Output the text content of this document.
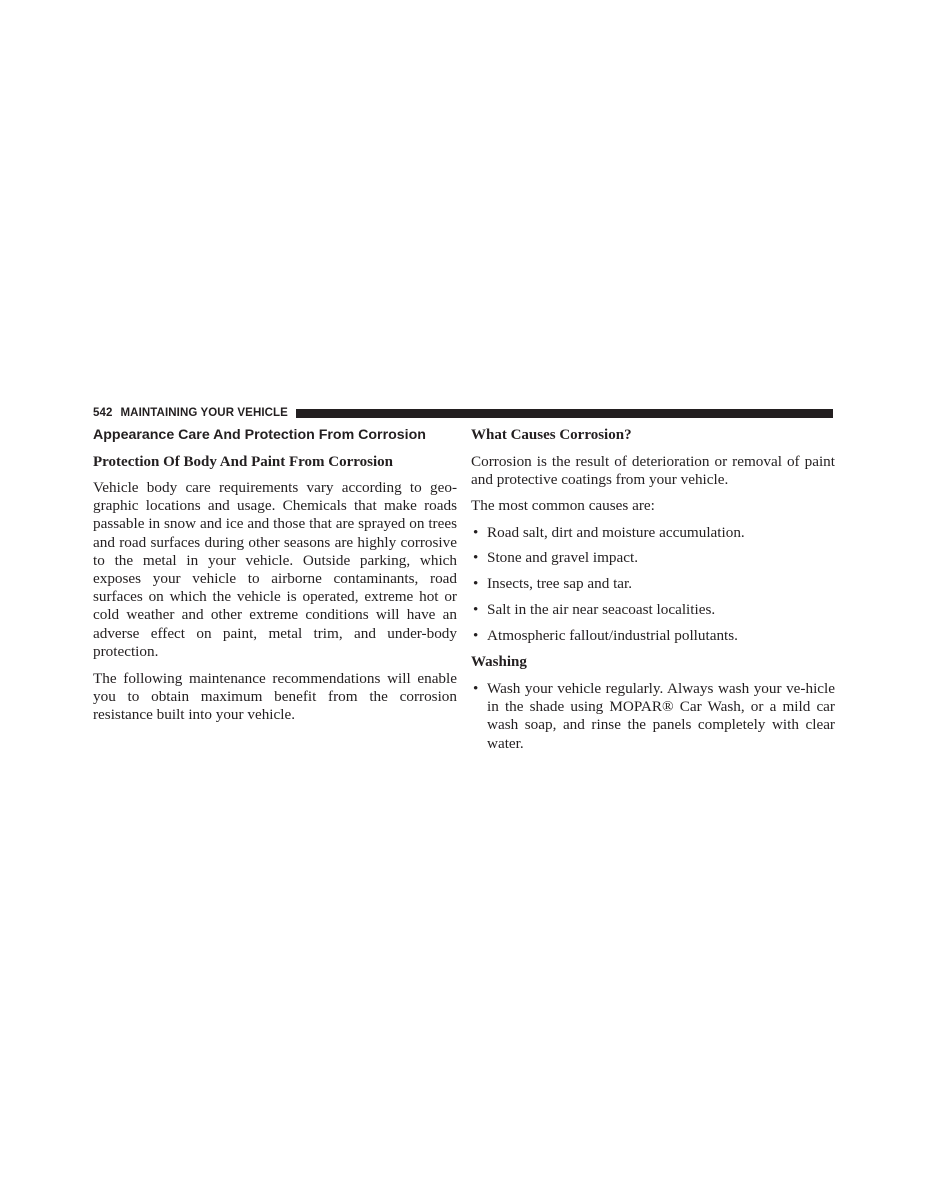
542 MAINTAINING YOUR VEHICLE
Appearance Care And Protection From Corrosion
Protection Of Body And Paint From Corrosion

Vehicle body care requirements vary according to geo-graphic locations and usage. Chemicals that make roads passable in snow and ice and those that are sprayed on trees and road surfaces during other seasons are highly corrosive to the metal in your vehicle. Outside parking, which exposes your vehicle to airborne contaminants, road surfaces on which the vehicle is operated, extreme hot or cold weather and other extreme conditions will have an adverse effect on paint, metal trim, and under-body protection.

The following maintenance recommendations will enable you to obtain maximum benefit from the corrosion resistance built into your vehicle.

What Causes Corrosion?

Corrosion is the result of deterioration or removal of paint and protective coatings from your vehicle.

The most common causes are:

• Road salt, dirt and moisture accumulation.
• Stone and gravel impact.
• Insects, tree sap and tar.
• Salt in the air near seacoast localities.
• Atmospheric fallout/industrial pollutants.
Washing
• Wash your vehicle regularly. Always wash your ve-hicle in the shade using MOPAR® Car Wash, or a mild car wash soap, and rinse the panels completely with clear water.
